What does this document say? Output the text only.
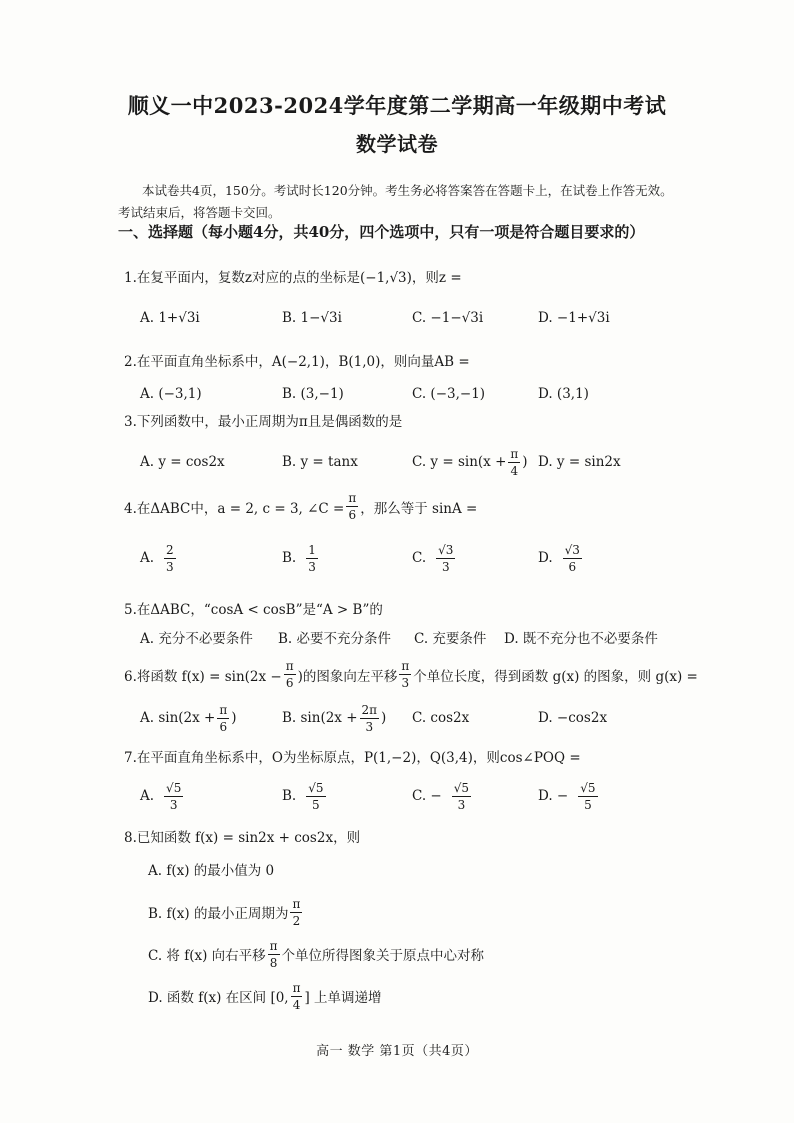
顺义一中2023-2024学年度第二学期高一年级期中考试
数学试卷
本试卷共4页，150分。考试时长120分钟。考生务必将答案答在答题卡上，在试卷上作答无效。考试结束后，将答题卡交回。
一、选择题（每小题4分，共40分，四个选项中，只有一项是符合题目要求的）
1.在复平面内，复数z对应的点的坐标是(−1,√3)，则z =
A. 1+√3i	B. 1−√3i	C. −1−√3i	D. −1+√3i
2.在平面直角坐标系中，A(−2,1)，B(1,0)，则向量AB =
A. (−3,1)	B. (3,−1)	C. (−3,−1)	D. (3,1)
3.下列函数中，最小正周期为π且是偶函数的是
A. y = cos2x	B. y = tanx	C. $y = \sin(x + \frac{\pi}{4}$ ) D. y = sin2x
4.在ΔABC中，a = 2, c = 3, ∠C = $\frac{\pi}{6}$ ，那么等于 sinA =
A. $\frac{2}{3}$	B. $\frac{1}{3}$	C. $\frac{√3}{3}$	D. $\frac{√3}{6}$
5.在ΔABC，“cosA < cosB”是“A > B”的
A. 充分不必要条件 B. 必要不充分条件 C. 充要条件 D. 既不充分也不必要条件
6.将函数 $f(x) = \sin(2x - \frac{\pi}{6}$ )的图象向左平移 $\frac{\pi}{3}$ 个单位长度，得到函数 g(x) 的图象，则 g(x) =
A. $\sin(2x + \frac{\pi}{6}$ )	B. $\sin(2x + \frac{2\pi}{3}$ ) C. cos2x	D. −cos2x
7.在平面直角坐标系中，O为坐标原点，P(1,−2)，Q(3,4)，则cos∠POQ =
A. $\frac{√5}{3}$	B. $\frac{√5}{5}$	C. − $\frac{√5}{3}$	D. − $\frac{√5}{5}$
8.已知函数 f(x) = sin2x + cos2x，则
A. f(x) 的最小值为 0
B. f(x) 的最小正周期为 $\frac{\pi}{2}$
C. 将 f(x) 向右平移 $\frac{\pi}{8}$ 个单位所得图象关于原点中心对称
D. 函数 f(x) 在区间 [0, $\frac{\pi}{4}$ ] 上单调递增
高一 数学 第1页（共4页）
